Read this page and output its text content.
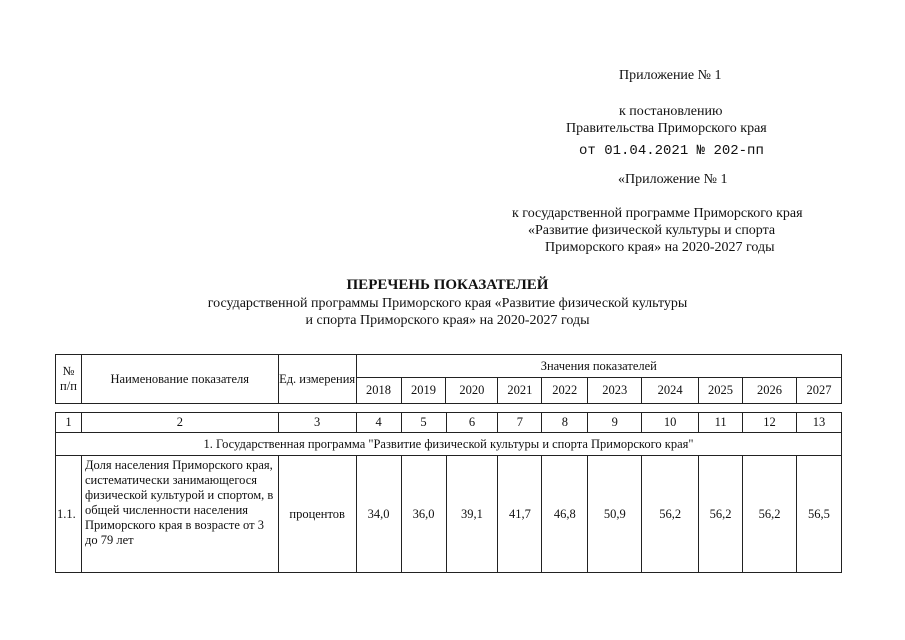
Приложение № 1
к постановлению
Правительства Приморского края
от 01.04.2021 № 202-пп
«Приложение № 1
к государственной программе Приморского края
«Развитие физической культуры и спорта
Приморского края» на 2020-2027 годы
ПЕРЕЧЕНЬ ПОКАЗАТЕЛЕЙ
государственной программы Приморского края «Развитие физической культуры
и спорта Приморского края» на 2020-2027 годы
№ п/п	Наименование показателя	Ед. измерения	Значения показателей									
			2018	2019	2020	2021	2022	2023	2024	2025	2026	2027
1	2	3	4	5	6	7	8	9	10	11	12	13
1. Государственная программа "Развитие физической культуры и спорта Приморского края"												
1.1.	Доля населения Приморского края, систематически занимающегося физической культурой и спортом, в общей численности населения Приморского края в возрасте от 3 до 79 лет	процентов	34,0	36,0	39,1	41,7	46,8	50,9	56,2	56,2	56,2	56,5
